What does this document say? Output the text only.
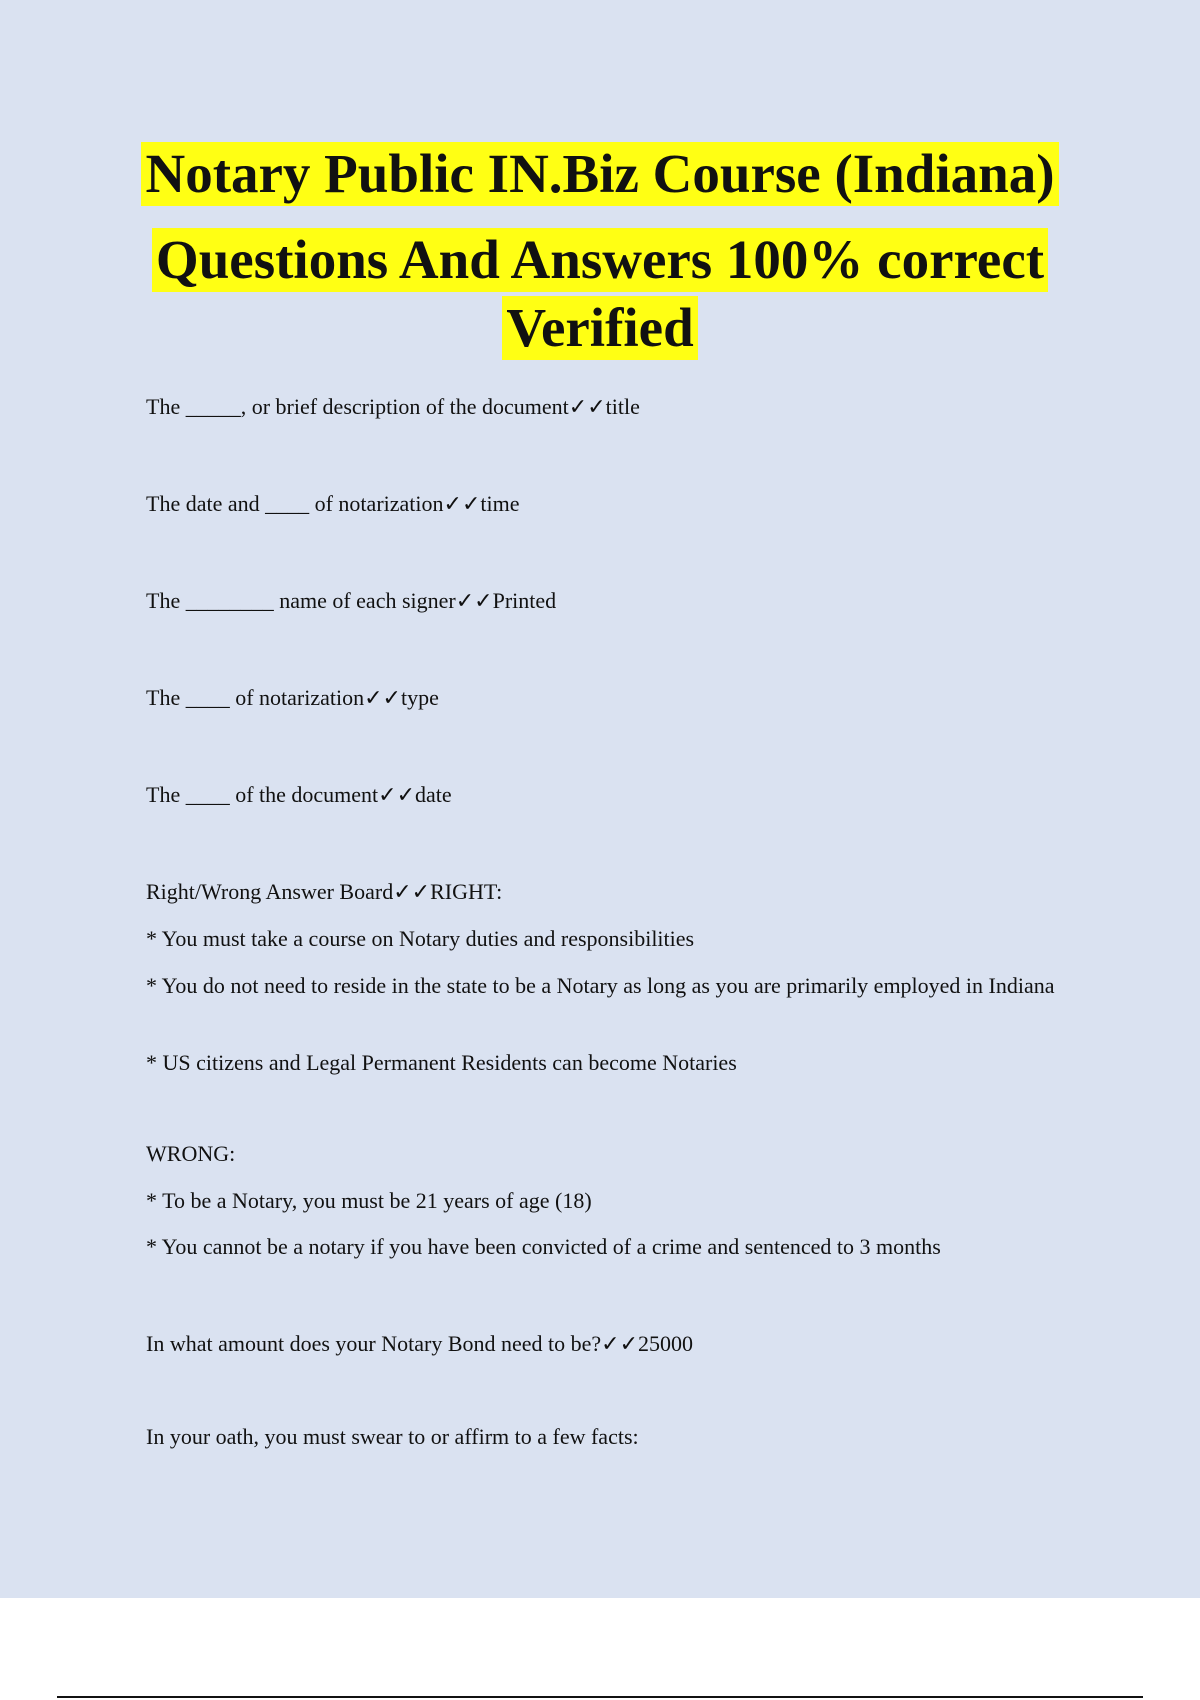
Notary Public IN.Biz Course (Indiana)
Questions And Answers 100% correct
Verified
The _____, or brief description of the document✓✓title
The date and ____ of notarization✓✓time
The ________ name of each signer✓✓Printed
The ____ of notarization✓✓type
The ____ of the document✓✓date
Right/Wrong Answer Board✓✓RIGHT:
* You must take a course on Notary duties and responsibilities
* You do not need to reside in the state to be a Notary as long as you are primarily employed in Indiana
* US citizens and Legal Permanent Residents can become Notaries
WRONG:
* To be a Notary, you must be 21 years of age (18)
* You cannot be a notary if you have been convicted of a crime and sentenced to 3 months
In what amount does your Notary Bond need to be?✓✓25000
In your oath, you must swear to or affirm to a few facts:
